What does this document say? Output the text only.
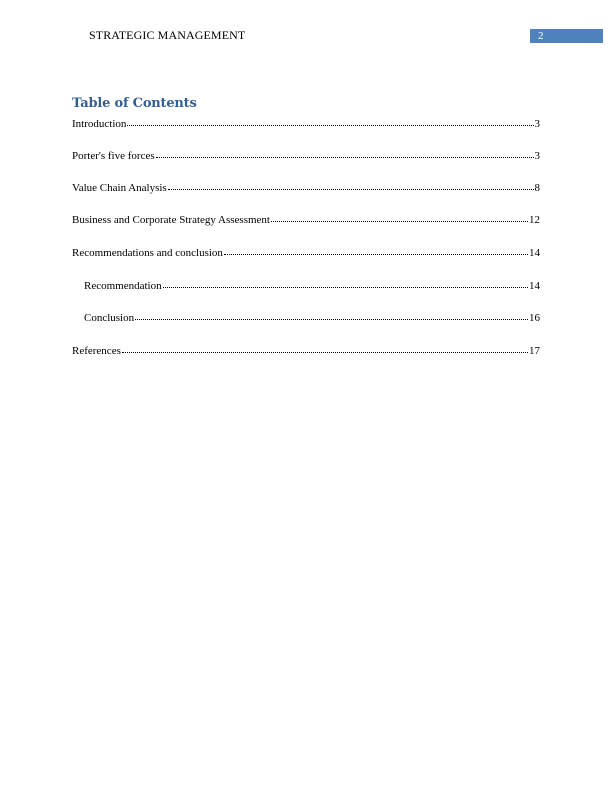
STRATEGIC MANAGEMENT	2
Table of Contents
Introduction	3
Porter's five forces	3
Value Chain Analysis	8
Business and Corporate Strategy Assessment	12
Recommendations and conclusion	14
Recommendation	14
Conclusion	16
References	17
